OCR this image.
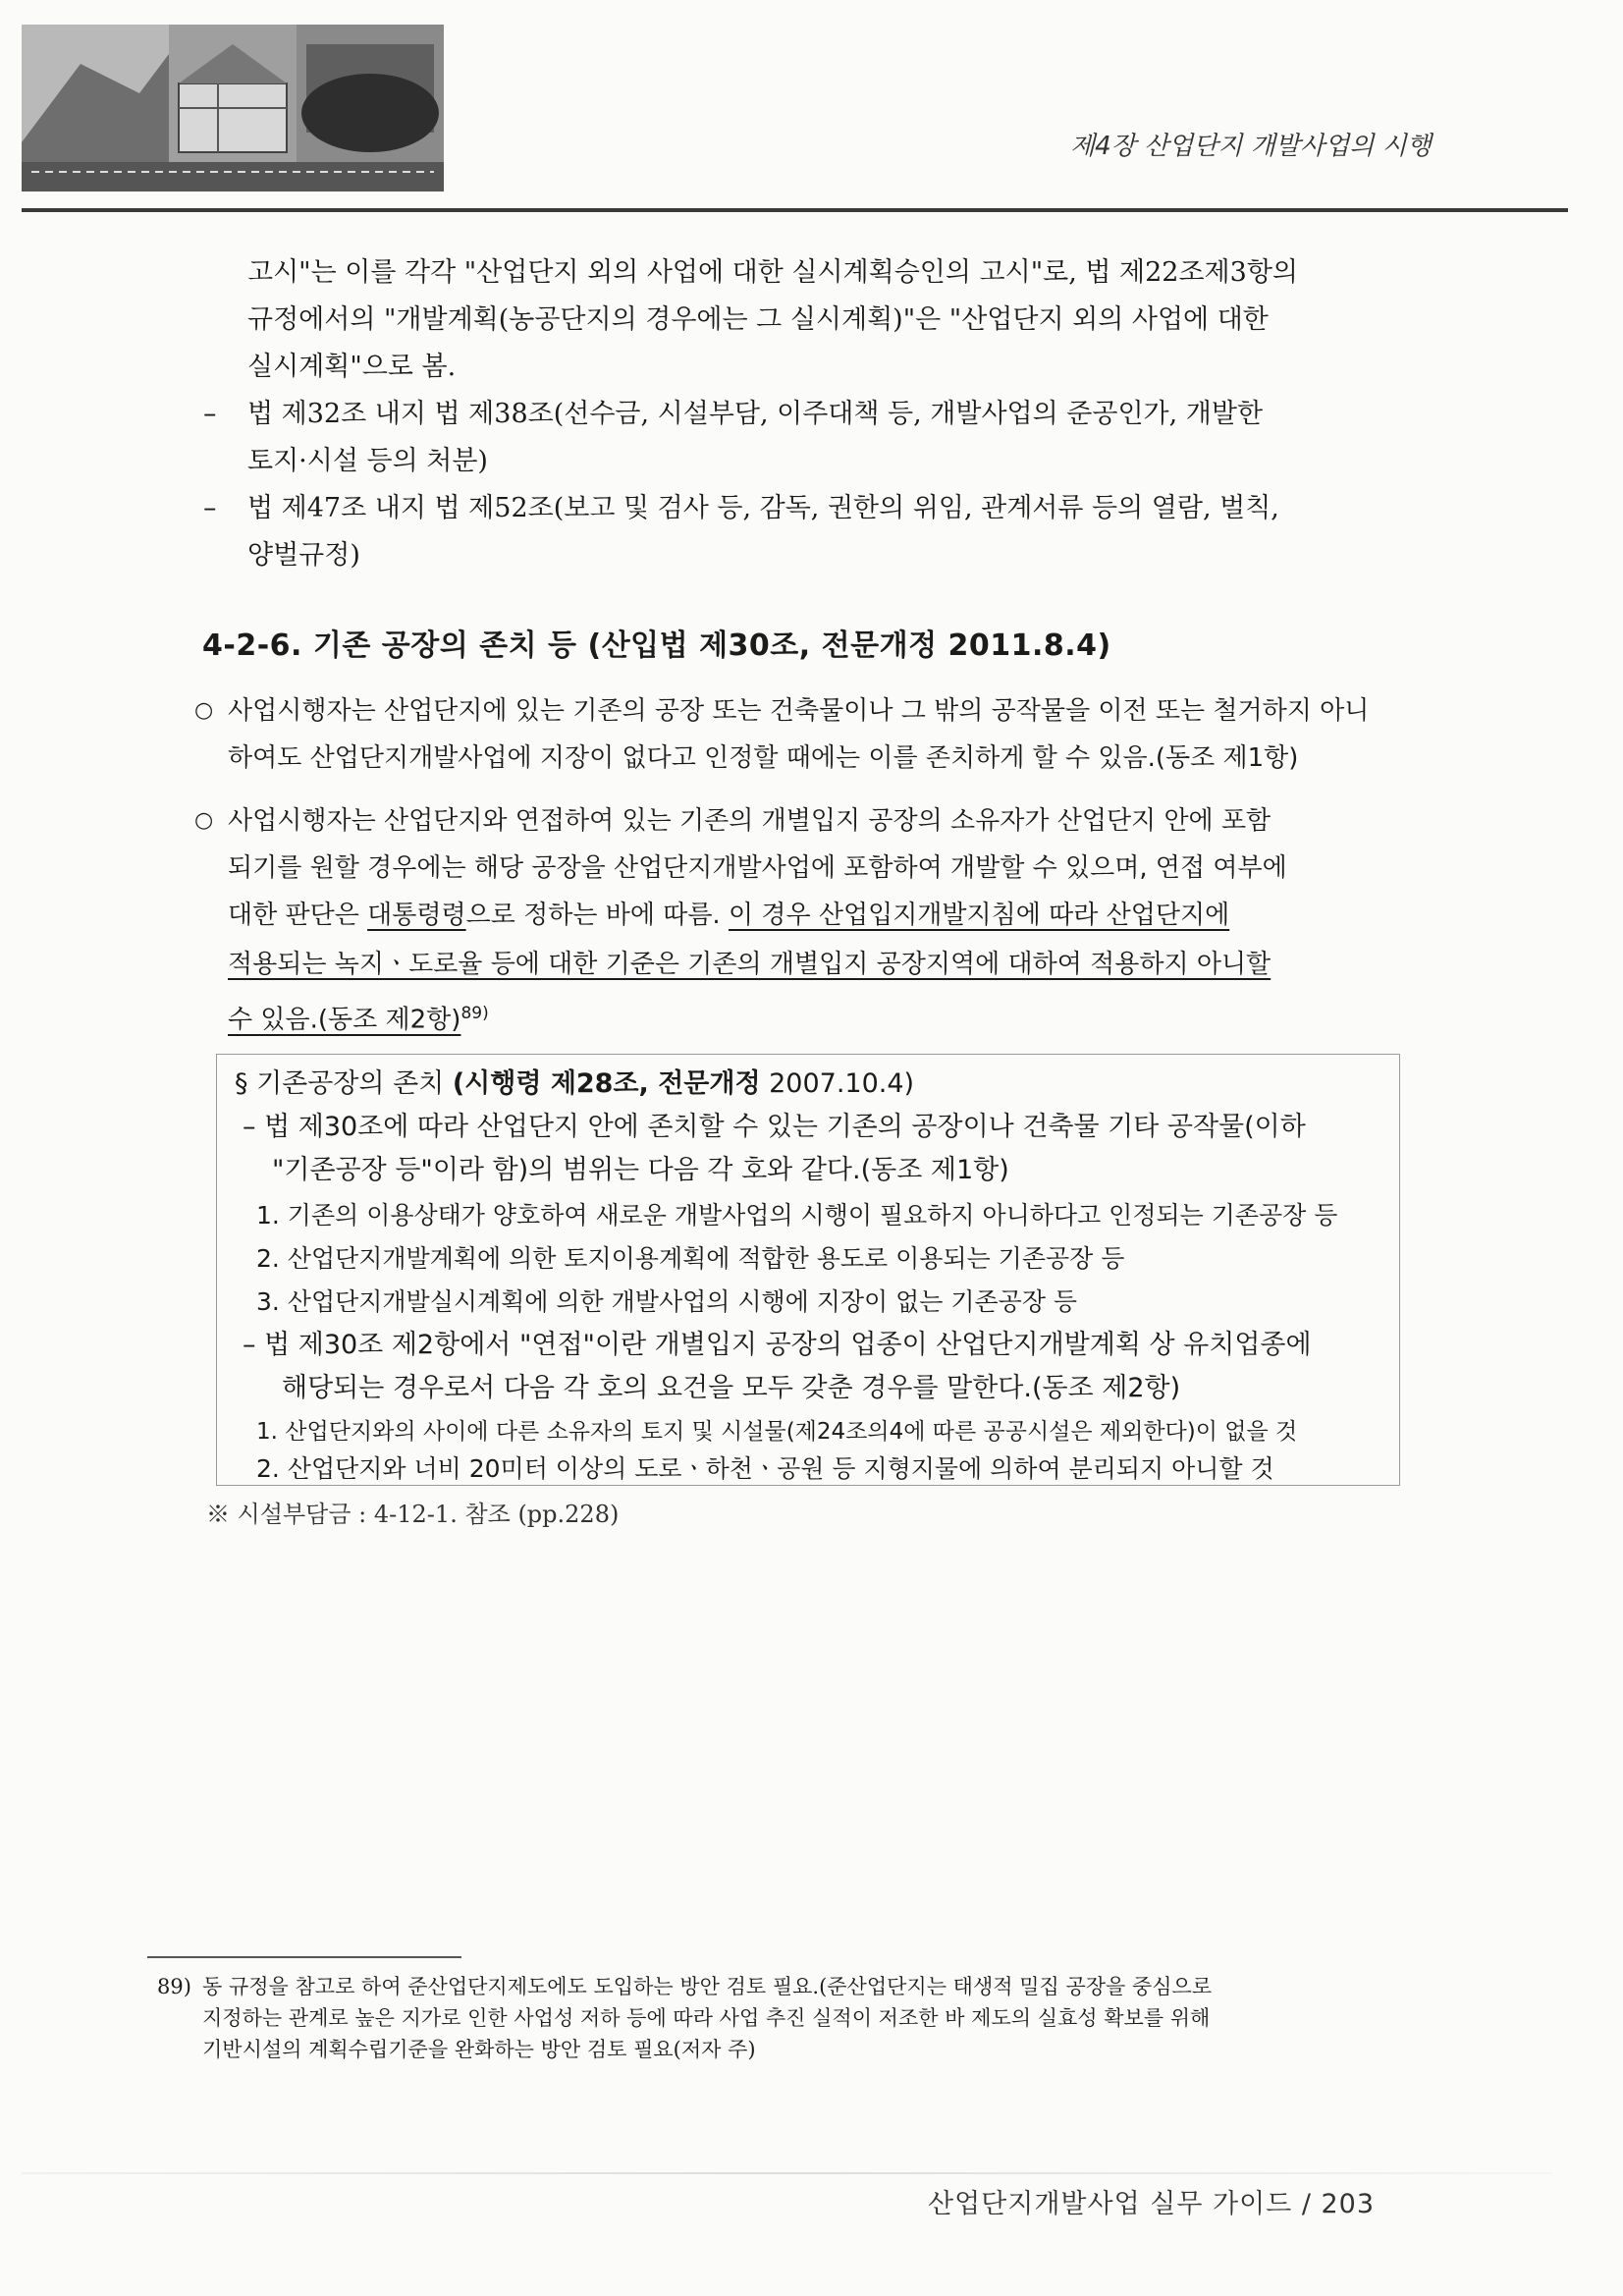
제4장 산업단지 개발사업의 시행
고시"는 이를 각각 "산업단지 외의 사업에 대한 실시계획승인의 고시"로, 법 제22조제3항의
규정에서의 "개발계획(농공단지의 경우에는 그 실시계획)"은 "산업단지 외의 사업에 대한
실시계획"으로 봄.
– 법 제32조 내지 법 제38조(선수금, 시설부담, 이주대책 등, 개발사업의 준공인가, 개발한
토지·시설 등의 처분)
– 법 제47조 내지 법 제52조(보고 및 검사 등, 감독, 권한의 위임, 관계서류 등의 열람, 벌칙,
양벌규정)
4-2-6. 기존 공장의 존치 등 (산입법 제30조, 전문개정 2011.8.4)
○ 사업시행자는 산업단지에 있는 기존의 공장 또는 건축물이나 그 밖의 공작물을 이전 또는 철거하지 아니
하여도 산업단지개발사업에 지장이 없다고 인정할 때에는 이를 존치하게 할 수 있음.(동조 제1항)
○ 사업시행자는 산업단지와 연접하여 있는 기존의 개별입지 공장의 소유자가 산업단지 안에 포함
되기를 원할 경우에는 해당 공장을 산업단지개발사업에 포함하여 개발할 수 있으며, 연접 여부에
대한 판단은 대통령령으로 정하는 바에 따름. 이 경우 산업입지개발지침에 따라 산업단지에
적용되는 녹지ㆍ도로율 등에 대한 기준은 기존의 개별입지 공장지역에 대하여 적용하지 아니할
수 있음.(동조 제2항)$^{89)}$
§ 기존공장의 존치 (시행령 제28조, 전문개정 2007.10.4)
– 법 제30조에 따라 산업단지 안에 존치할 수 있는 기존의 공장이나 건축물 기타 공작물(이하
"기존공장 등"이라 함)의 범위는 다음 각 호와 같다.(동조 제1항)
1. 기존의 이용상태가 양호하여 새로운 개발사업의 시행이 필요하지 아니하다고 인정되는 기존공장 등
2. 산업단지개발계획에 의한 토지이용계획에 적합한 용도로 이용되는 기존공장 등
3. 산업단지개발실시계획에 의한 개발사업의 시행에 지장이 없는 기존공장 등
– 법 제30조 제2항에서 "연접"이란 개별입지 공장의 업종이 산업단지개발계획 상 유치업종에
해당되는 경우로서 다음 각 호의 요건을 모두 갖춘 경우를 말한다.(동조 제2항)
1. 산업단지와의 사이에 다른 소유자의 토지 및 시설물(제24조의4에 따른 공공시설은 제외한다)이 없을 것
2. 산업단지와 너비 20미터 이상의 도로ㆍ하천ㆍ공원 등 지형지물에 의하여 분리되지 아니할 것
※ 시설부담금 : 4-12-1. 참조 (pp.228)
89) 동 규정을 참고로 하여 준산업단지제도에도 도입하는 방안 검토 필요.(준산업단지는 태생적 밀집 공장을 중심으로
지정하는 관계로 높은 지가로 인한 사업성 저하 등에 따라 사업 추진 실적이 저조한 바 제도의 실효성 확보를 위해
기반시설의 계획수립기준을 완화하는 방안 검토 필요(저자 주)
산업단지개발사업 실무 가이드 / 203
